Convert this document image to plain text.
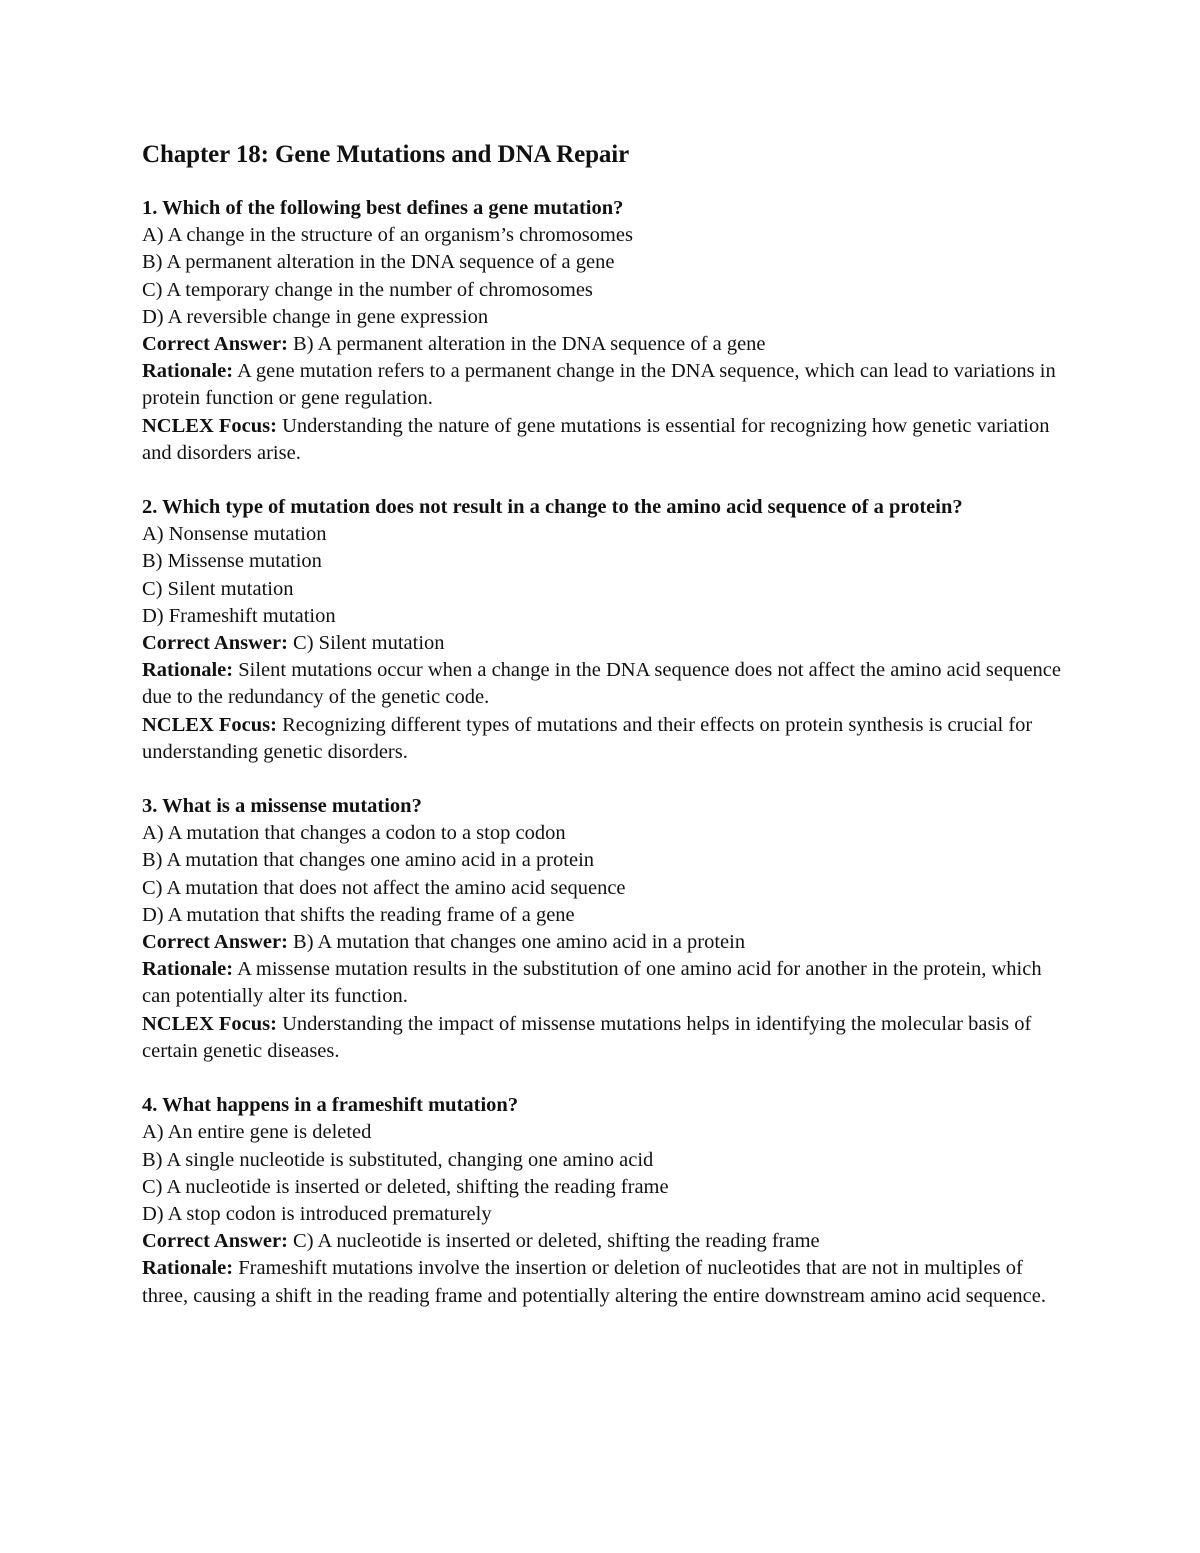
Chapter 18: Gene Mutations and DNA Repair

1. Which of the following best defines a gene mutation?

A) A change in the structure of an organism’s chromosomes

B) A permanent alteration in the DNA sequence of a gene

C) A temporary change in the number of chromosomes

D) A reversible change in gene expression

Correct Answer: B) A permanent alteration in the DNA sequence of a gene

Rationale: A gene mutation refers to a permanent change in the DNA sequence, which can lead to variations in protein function or gene regulation.

NCLEX Focus: Understanding the nature of gene mutations is essential for recognizing how genetic variation and disorders arise.

2. Which type of mutation does not result in a change to the amino acid sequence of a protein?

A) Nonsense mutation

B) Missense mutation

C) Silent mutation

D) Frameshift mutation

Correct Answer: C) Silent mutation

Rationale: Silent mutations occur when a change in the DNA sequence does not affect the amino acid sequence due to the redundancy of the genetic code.

NCLEX Focus: Recognizing different types of mutations and their effects on protein synthesis is crucial for understanding genetic disorders.

3. What is a missense mutation?

A) A mutation that changes a codon to a stop codon

B) A mutation that changes one amino acid in a protein

C) A mutation that does not affect the amino acid sequence

D) A mutation that shifts the reading frame of a gene

Correct Answer: B) A mutation that changes one amino acid in a protein

Rationale: A missense mutation results in the substitution of one amino acid for another in the protein, which can potentially alter its function.

NCLEX Focus: Understanding the impact of missense mutations helps in identifying the molecular basis of certain genetic diseases.

4. What happens in a frameshift mutation?

A) An entire gene is deleted

B) A single nucleotide is substituted, changing one amino acid

C) A nucleotide is inserted or deleted, shifting the reading frame

D) A stop codon is introduced prematurely

Correct Answer: C) A nucleotide is inserted or deleted, shifting the reading frame

Rationale: Frameshift mutations involve the insertion or deletion of nucleotides that are not in multiples of three, causing a shift in the reading frame and potentially altering the entire downstream amino acid sequence.
